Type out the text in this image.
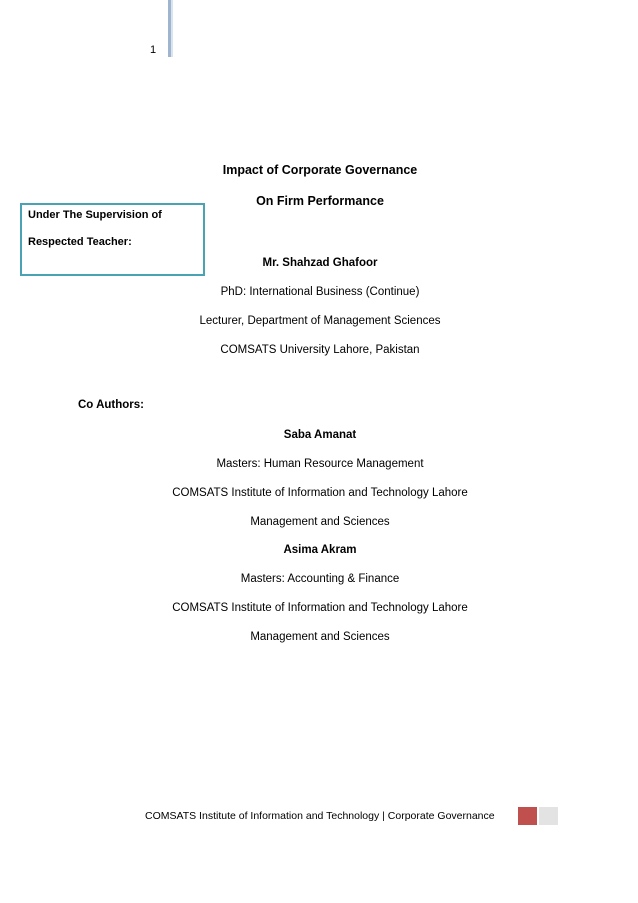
1
Impact of Corporate Governance
On Firm Performance
Under The Supervision of
Respected Teacher:
Mr. Shahzad Ghafoor
PhD: International Business (Continue)
Lecturer, Department of Management Sciences
COMSATS University Lahore, Pakistan
Co Authors:
Saba Amanat
Masters: Human Resource Management
COMSATS Institute of Information and Technology Lahore
Management and Sciences
Asima Akram
Masters: Accounting & Finance
COMSATS Institute of Information and Technology Lahore
Management and Sciences
COMSATS Institute of Information and Technology | Corporate Governance
